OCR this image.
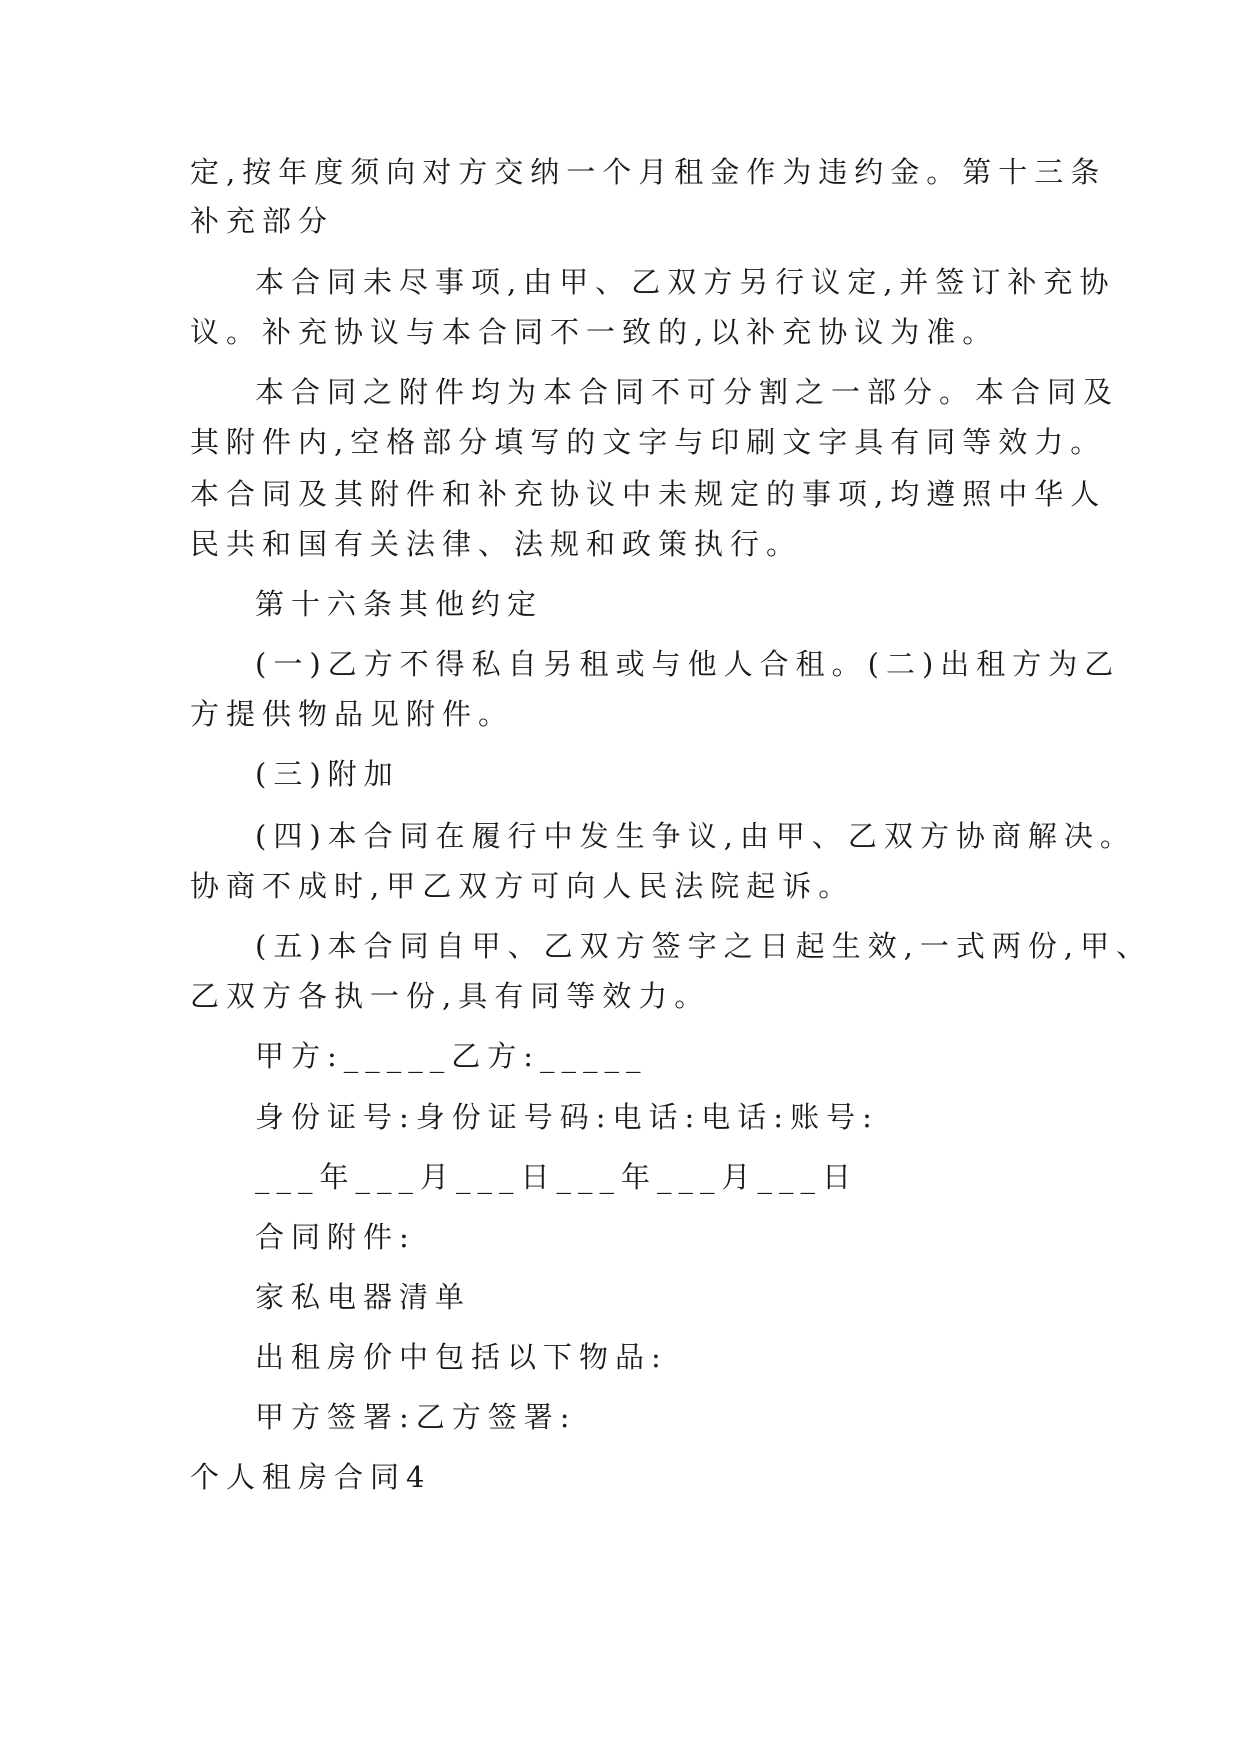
定,按年度须向对方交纳一个月租金作为违约金。第十三条
补充部分
本合同未尽事项,由甲、乙双方另行议定,并签订补充协
议。补充协议与本合同不一致的,以补充协议为准。
本合同之附件均为本合同不可分割之一部分。本合同及
其附件内,空格部分填写的文字与印刷文字具有同等效力。
本合同及其附件和补充协议中未规定的事项,均遵照中华人
民共和国有关法律、法规和政策执行。
第十六条其他约定
(一)乙方不得私自另租或与他人合租。(二)出租方为乙
方提供物品见附件。
(三)附加
(四)本合同在履行中发生争议,由甲、乙双方协商解决。
协商不成时,甲乙双方可向人民法院起诉。
(五)本合同自甲、乙双方签字之日起生效,一式两份,甲、
乙双方各执一份,具有同等效力。
甲方:_____乙方:_____
身份证号:身份证号码:电话:电话:账号:
___年___月___日___年___月___日
合同附件:
家私电器清单
出租房价中包括以下物品:
甲方签署:乙方签署:
个人租房合同4
